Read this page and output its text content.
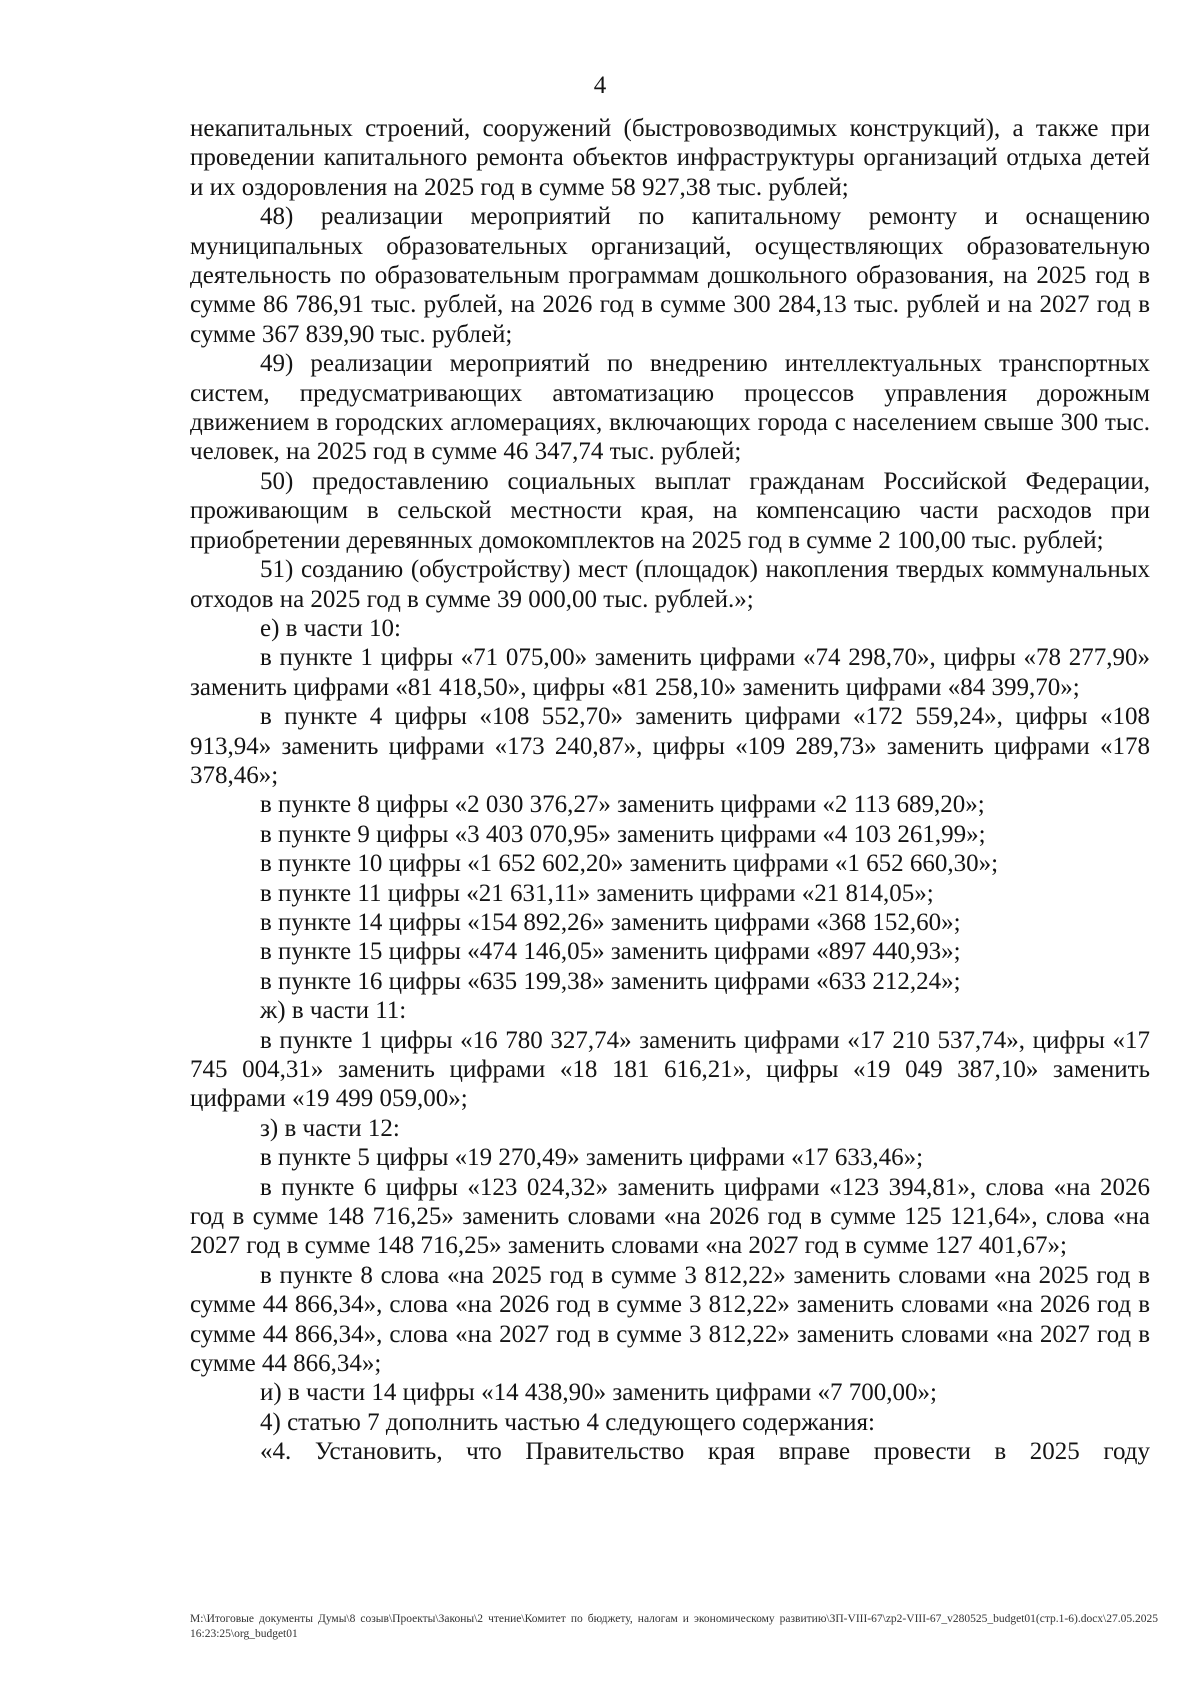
4

некапитальных строений, сооружений (быстровозводимых конструкций), а также при проведении капитального ремонта объектов инфраструктуры организаций отдыха детей и их оздоровления на 2025 год в сумме 58 927,38 тыс. рублей;

48) реализации мероприятий по капитальному ремонту и оснащению муниципальных образовательных организаций, осуществляющих образовательную деятельность по образовательным программам дошкольного образования, на 2025 год в сумме 86 786,91 тыс. рублей, на 2026 год в сумме 300 284,13 тыс. рублей и на 2027 год в сумме 367 839,90 тыс. рублей;

49) реализации мероприятий по внедрению интеллектуальных транспортных систем, предусматривающих автоматизацию процессов управления дорожным движением в городских агломерациях, включающих города с населением свыше 300 тыс. человек, на 2025 год в сумме 46 347,74 тыс. рублей;

50) предоставлению социальных выплат гражданам Российской Федерации, проживающим в сельской местности края, на компенсацию части расходов при приобретении деревянных домокомплектов на 2025 год в сумме 2 100,00 тыс. рублей;

51) созданию (обустройству) мест (площадок) накопления твердых коммунальных отходов на 2025 год в сумме 39 000,00 тыс. рублей.»;

е) в части 10:

в пункте 1 цифры «71 075,00» заменить цифрами «74 298,70», цифры «78 277,90» заменить цифрами «81 418,50», цифры «81 258,10» заменить цифрами «84 399,70»;

в пункте 4 цифры «108 552,70» заменить цифрами «172 559,24», цифры «108 913,94» заменить цифрами «173 240,87», цифры «109 289,73» заменить цифрами «178 378,46»;

в пункте 8 цифры «2 030 376,27» заменить цифрами «2 113 689,20»;

в пункте 9 цифры «3 403 070,95» заменить цифрами «4 103 261,99»;

в пункте 10 цифры «1 652 602,20» заменить цифрами «1 652 660,30»;

в пункте 11 цифры «21 631,11» заменить цифрами «21 814,05»;

в пункте 14 цифры «154 892,26» заменить цифрами «368 152,60»;

в пункте 15 цифры «474 146,05» заменить цифрами «897 440,93»;

в пункте 16 цифры «635 199,38» заменить цифрами «633 212,24»;

ж) в части 11:

в пункте 1 цифры «16 780 327,74» заменить цифрами «17 210 537,74», цифры «17 745 004,31» заменить цифрами «18 181 616,21», цифры «19 049 387,10» заменить цифрами «19 499 059,00»;

з) в части 12:

в пункте 5 цифры «19 270,49» заменить цифрами «17 633,46»;

в пункте 6 цифры «123 024,32» заменить цифрами «123 394,81», слова «на 2026 год в сумме 148 716,25» заменить словами «на 2026 год в сумме 125 121,64», слова «на 2027 год в сумме 148 716,25» заменить словами «на 2027 год в сумме 127 401,67»;

в пункте 8 слова «на 2025 год в сумме 3 812,22» заменить словами «на 2025 год в сумме 44 866,34», слова «на 2026 год в сумме 3 812,22» заменить словами «на 2026 год в сумме 44 866,34», слова «на 2027 год в сумме 3 812,22» заменить словами «на 2027 год в сумме 44 866,34»;

и) в части 14 цифры «14 438,90» заменить цифрами «7 700,00»;

4) статью 7 дополнить частью 4 следующего содержания:

«4. Установить, что Правительство края вправе провести в 2025 году

M:\Итоговые документы Думы\8 созыв\Проекты\Законы\2 чтение\Комитет по бюджету, налогам и экономическому развитию\ЗП-VIII-67\zp2-VIII-67_v280525_budget01(стр.1-6).docx\27.05.2025 16:23:25\org_budget01
